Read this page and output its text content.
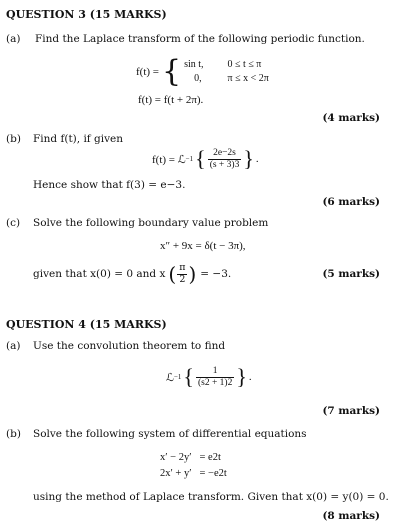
QUESTION 3 (15 MARKS)
(a) Find the Laplace transform of the following periodic function.
f(t) = { sin t,	0 ≤ t ≤ π
0,	π ≤ x < 2π
f(t) = f(t + 2π).
(4 marks)
(b) Find f(t), if given
f(t) = ℒ −1 { $\frac{2e-2s}{(s + 3)3}$ } .
Hence show that f(3) = e−3.
(6 marks)
(c) Solve the following boundary value problem
x″ + 9x = δ(t − 3π),
given that x(0) = 0 and x ( $\frac{\pi}{2}$ ) = −3.	(5 marks)
QUESTION 4 (15 MARKS)
(a) Use the convolution theorem to find
ℒ −1 { $\frac{1}{(s2 + 1)2}$ } .
(7 marks)
(b) Solve the following system of differential equations
x′ − 2y′	= e2t
2x′ + y′	= −e2t
using the method of Laplace transform. Given that x(0) = y(0) = 0.
(8 marks)
